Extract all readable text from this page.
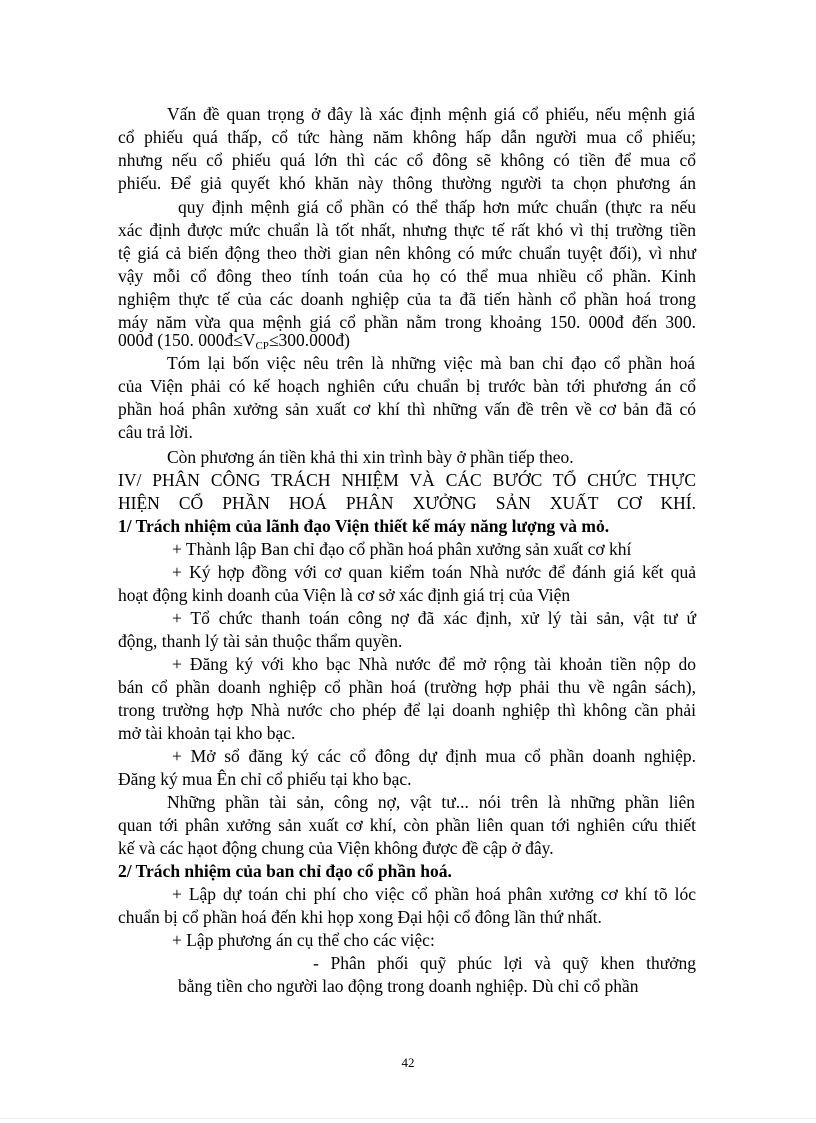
Vấn đề quan trọng ở đây là xác định mệnh giá cổ phiếu, nếu mệnh giá
cổ phiếu quá thấp, cổ tức hàng năm không hấp dẫn người mua cổ phiếu;
nhưng nếu cổ phiếu quá lớn thì các cổ đông sẽ không có tiền để mua cổ
phiếu. Để giả quyết khó khăn này thông thường người ta chọn phương án
quy định mệnh giá cổ phần có thể thấp hơn mức chuẩn (thực ra nếu
xác định được mức chuẩn là tốt nhất, nhưng thực tế rất khó vì thị trường tiền
tệ giá cả biến động theo thời gian nên không có mức chuẩn tuyệt đối), vì như
vậy mỗi cổ đông theo tính toán của họ có thể mua nhiều cổ phần. Kinh
nghiệm thực tế của các doanh nghiệp của ta đã tiến hành cổ phần hoá trong
máy năm vừa qua mệnh giá cổ phần nằm trong khoảng 150. 000đ đến 300.
Tóm lại bốn việc nêu trên là những việc mà ban chỉ đạo cổ phần hoá
của Viện phải có kế hoạch nghiên cứu chuẩn bị trước bàn tới phương án cổ
phần hoá phân xưởng sản xuất cơ khí thì những vấn đề trên về cơ bản đã có
câu trả lời.
Còn phương án tiền khả thi xin trình bày ở phần tiếp theo.
IV/ PHÂN CÔNG TRÁCH NHIỆM VÀ CÁC BƯỚC TỔ CHỨC THỰC
HIỆN CỔ PHẦN HOÁ PHÂN XƯỞNG SẢN XUẤT CƠ KHÍ.
1/ Trách nhiệm của lãnh đạo Viện thiết kế máy năng lượng và mỏ.
+ Thành lập Ban chỉ đạo cổ phần hoá phân xưởng sản xuất cơ khí
+ Ký hợp đồng với cơ quan kiểm toán Nhà nước để đánh giá kết quả
hoạt động kinh doanh của Viện là cơ sở xác định giá trị của Viện
+ Tổ chức thanh toán công nợ đã xác định, xử lý tài sản, vật tư ứ
động, thanh lý tài sản thuộc thẩm quyền.
+ Đăng ký với kho bạc Nhà nước để mở rộng tài khoản tiền nộp do
bán cổ phần doanh nghiệp cổ phần hoá (trường hợp phải thu về ngân sách),
trong trường hợp Nhà nước cho phép để lại doanh nghiệp thì không cần phải
mở tài khoản tại kho bạc.
+ Mở sổ đăng ký các cổ đông dự định mua cổ phần doanh nghiệp.
Đăng ký mua Ên chỉ cổ phiếu tại kho bạc.
Những phần tài sản, công nợ, vật tư... nói trên là những phần liên
quan tới phân xưởng sản xuất cơ khí, còn phần liên quan tới nghiên cứu thiết
kế và các hạot động chung của Viện không được đề cập ở đây.
2/ Trách nhiệm của ban chỉ đạo cổ phần hoá.
+ Lập dự toán chi phí cho việc cổ phần hoá phân xưởng cơ khí tõ lóc
chuẩn bị cổ phần hoá đến khi họp xong Đại hội cổ đông lần thứ nhất.
+ Lập phương án cụ thể cho các việc:
- Phân phối quỹ phúc lợi và quỹ khen thưởng
bằng tiền cho người lao động trong doanh nghiệp. Dù chỉ cổ phần
000đ (150. $000đ\le V_{CP}\le 300.000đ$)
42
